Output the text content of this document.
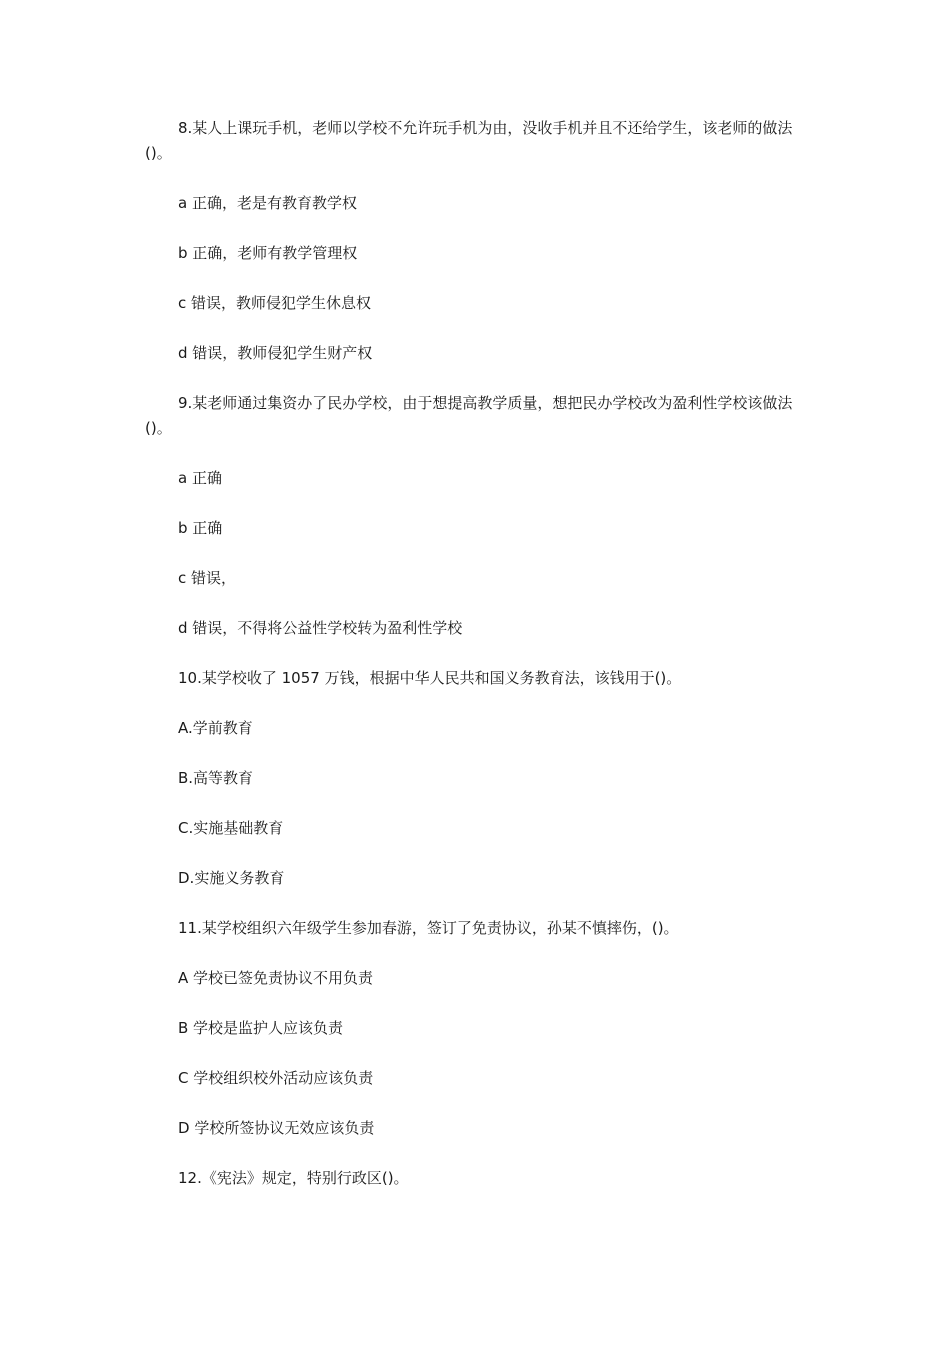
8.某人上课玩手机，老师以学校不允许玩手机为由，没收手机并且不还给学生，该老师的做法()。

a 正确，老是有教育教学权

b 正确，老师有教学管理权

c 错误，教师侵犯学生休息权

d 错误，教师侵犯学生财产权

9.某老师通过集资办了民办学校，由于想提高教学质量，想把民办学校改为盈利性学校该做法()。

a 正确

b 正确

c 错误，

d 错误，不得将公益性学校转为盈利性学校

10.某学校收了 1057 万钱，根据中华人民共和国义务教育法，该钱用于()。

A.学前教育

B.高等教育

C.实施基础教育

D.实施义务教育

11.某学校组织六年级学生参加春游，签订了免责协议，孙某不慎摔伤，()。

A 学校已签免责协议不用负责

B 学校是监护人应该负责

C 学校组织校外活动应该负责

D 学校所签协议无效应该负责

12.《宪法》规定，特别行政区()。
